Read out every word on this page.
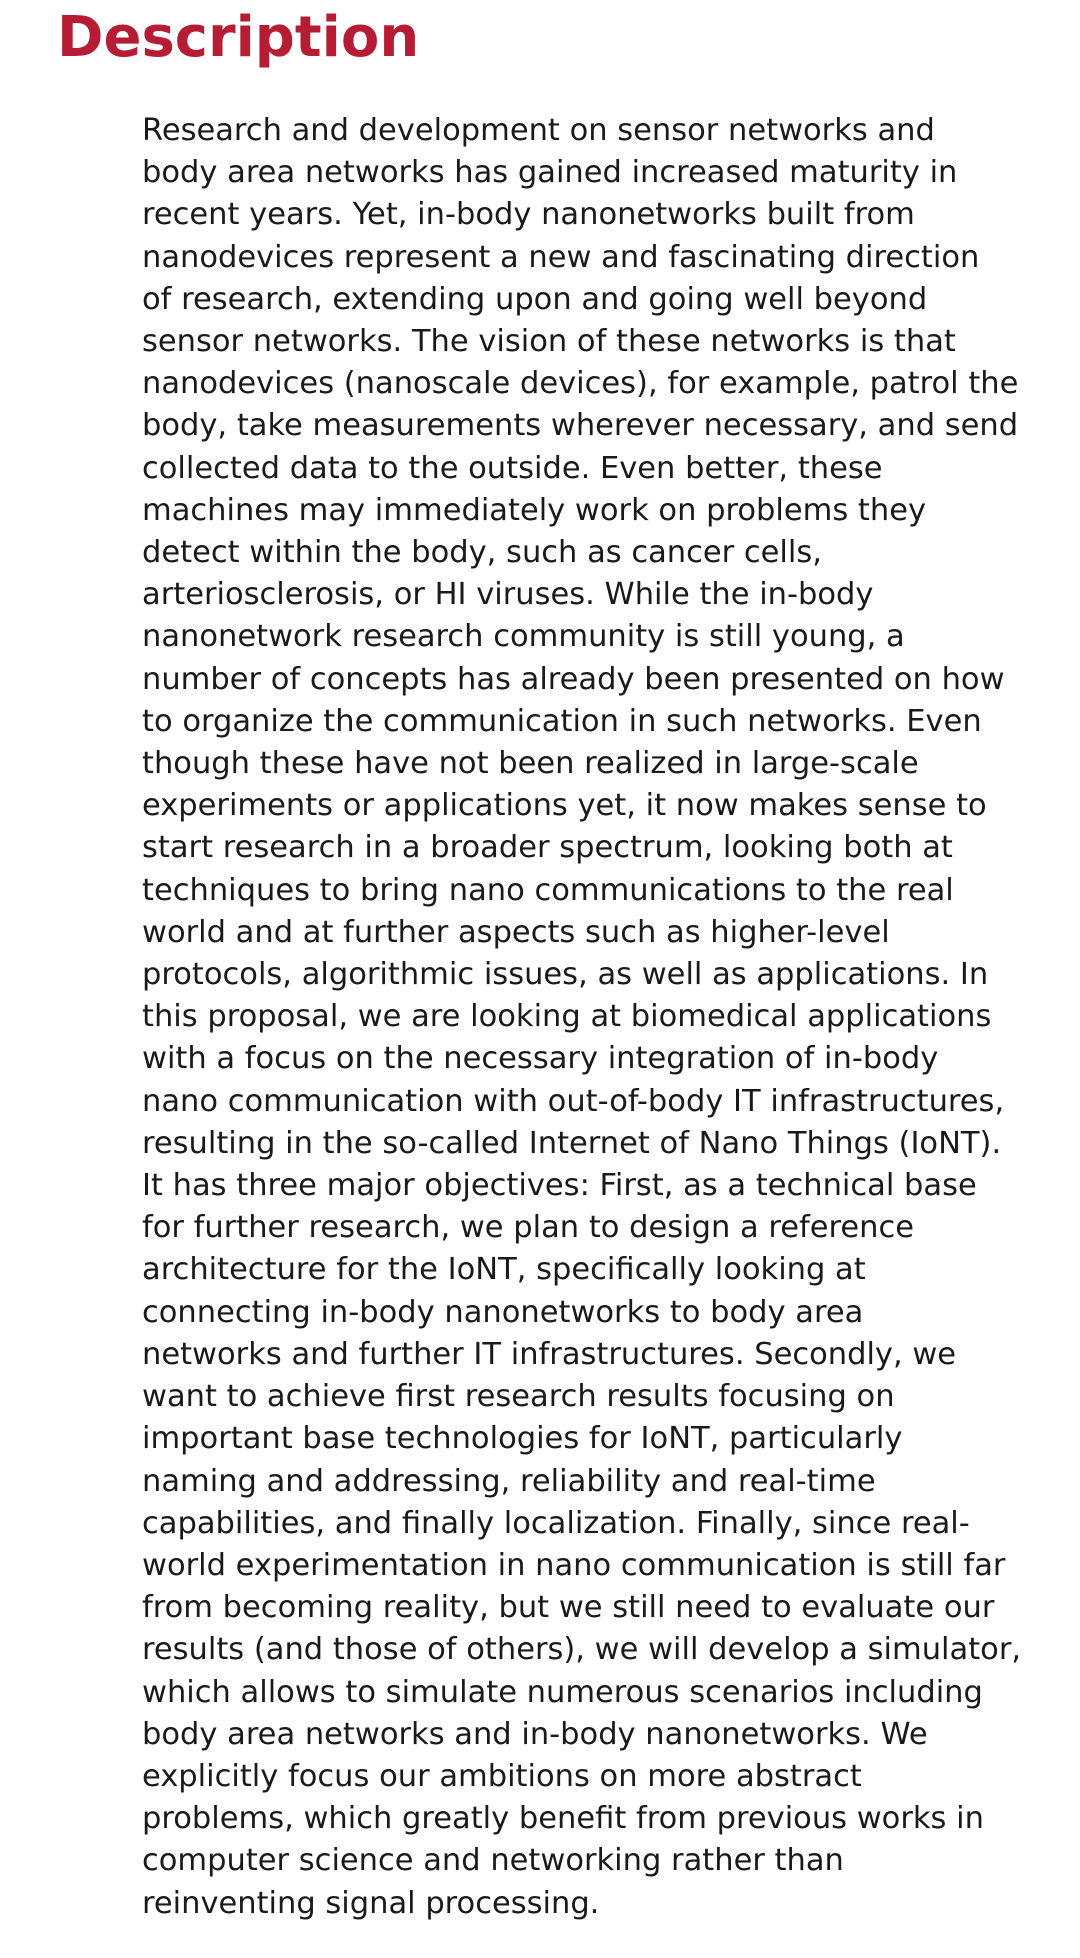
Description

Research and development on sensor networks and
body area networks has gained increased maturity in
recent years. Yet, in-body nanonetworks built from
nanodevices represent a new and fascinating direction
of research, extending upon and going well beyond
sensor networks. The vision of these networks is that
nanodevices (nanoscale devices), for example, patrol the
body, take measurements wherever necessary, and send
collected data to the outside. Even better, these
machines may immediately work on problems they
detect within the body, such as cancer cells,
arteriosclerosis, or HI viruses. While the in-body
nanonetwork research community is still young, a
number of concepts has already been presented on how
to organize the communication in such networks. Even
though these have not been realized in large-scale
experiments or applications yet, it now makes sense to
start research in a broader spectrum, looking both at
techniques to bring nano communications to the real
world and at further aspects such as higher-level
protocols, algorithmic issues, as well as applications. In
this proposal, we are looking at biomedical applications
with a focus on the necessary integration of in-body
nano communication with out-of-body IT infrastructures,
resulting in the so-called Internet of Nano Things (IoNT).
It has three major objectives: First, as a technical base
for further research, we plan to design a reference
architecture for the IoNT, specifically looking at
connecting in-body nanonetworks to body area
networks and further IT infrastructures. Secondly, we
want to achieve first research results focusing on
important base technologies for IoNT, particularly
naming and addressing, reliability and real-time
capabilities, and finally localization. Finally, since real-
world experimentation in nano communication is still far
from becoming reality, but we still need to evaluate our
results (and those of others), we will develop a simulator,
which allows to simulate numerous scenarios including
body area networks and in-body nanonetworks. We
explicitly focus our ambitions on more abstract
problems, which greatly benefit from previous works in
computer science and networking rather than
reinventing signal processing.
